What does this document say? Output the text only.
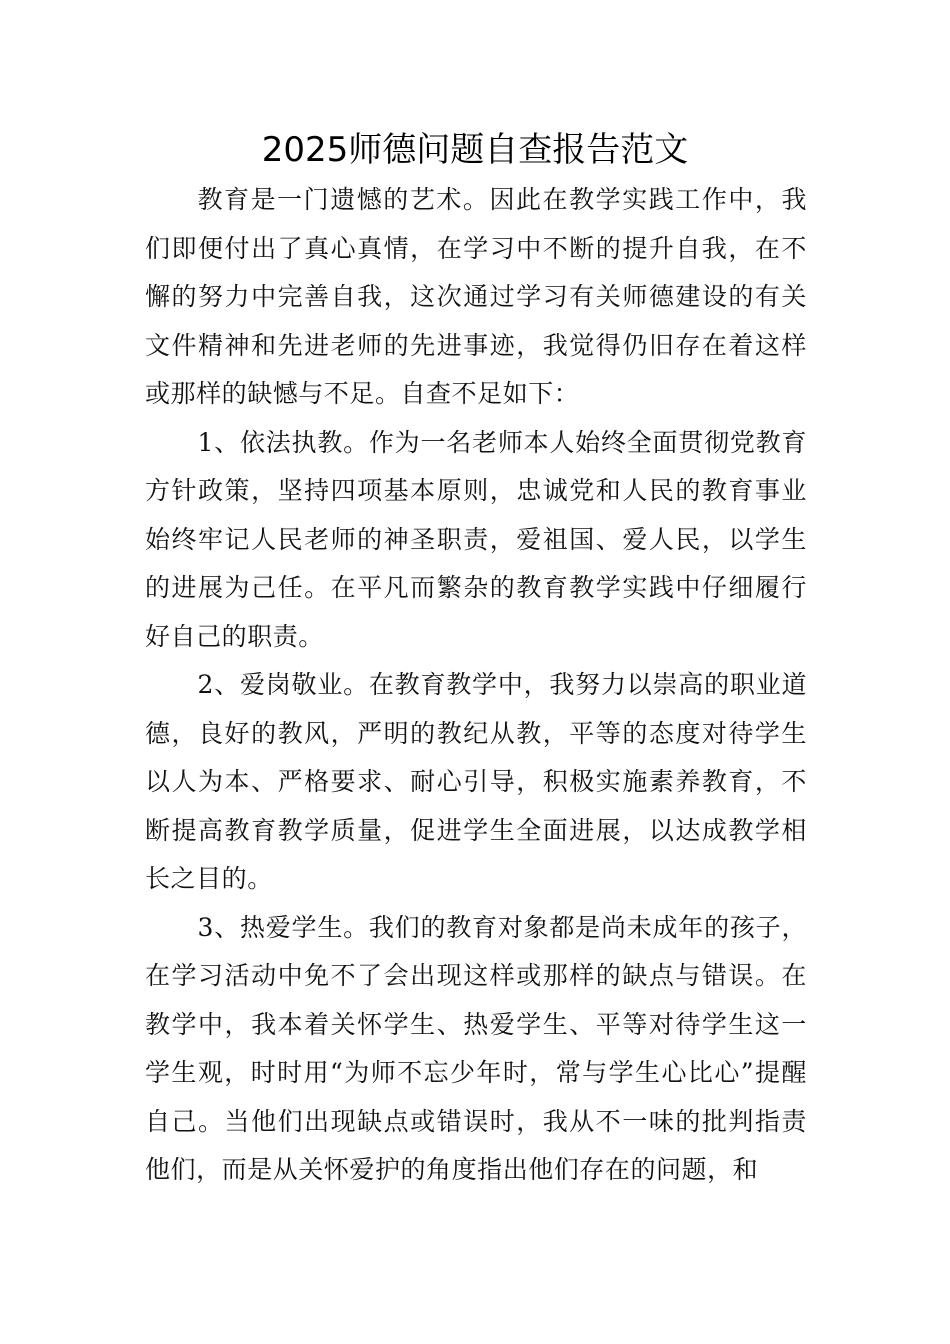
2025师德问题自查报告范文

教育是一门遗憾的艺术。因此在教学实践工作中，我们即便付出了真心真情，在学习中不断的提升自我，在不懈的努力中完善自我，这次通过学习有关师德建设的有关文件精神和先进老师的先进事迹，我觉得仍旧存在着这样或那样的缺憾与不足。自查不足如下：

1、依法执教。作为一名老师本人始终全面贯彻党教育方针政策，坚持四项基本原则，忠诚党和人民的教育事业始终牢记人民老师的神圣职责，爱祖国、爱人民，以学生的进展为己任。在平凡而繁杂的教育教学实践中仔细履行好自己的职责。

2、爱岗敬业。在教育教学中，我努力以崇高的职业道德，良好的教风，严明的教纪从教，平等的态度对待学生以人为本、严格要求、耐心引导，积极实施素养教育，不断提高教育教学质量，促进学生全面进展，以达成教学相长之目的。

3、热爱学生。我们的教育对象都是尚未成年的孩子，在学习活动中免不了会出现这样或那样的缺点与错误。在教学中，我本着关怀学生、热爱学生、平等对待学生这一学生观，时时用“为师不忘少年时，常与学生心比心”提醒自己。当他们出现缺点或错误时，我从不一味的批判指责他们，而是从关怀爱护的角度指出他们存在的问题，和
